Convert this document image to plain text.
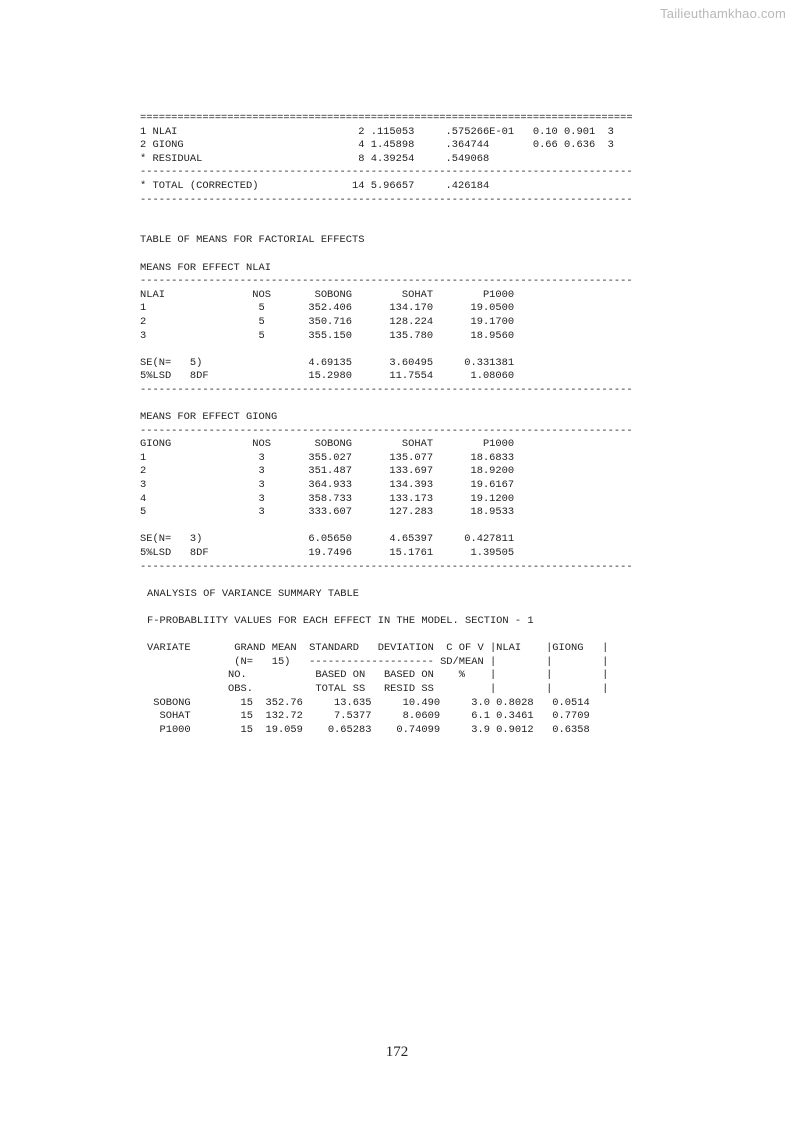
Tailieuthamkhao.com
===============================================================================
1 NLAI                             2 .115053     .575266E-01   0.10 0.901  3
2 GIONG                            4 1.45898     .364744       0.66 0.636  3
* RESIDUAL                         8 4.39254     .549068
-------------------------------------------------------------------------------
* TOTAL (CORRECTED)               14 5.96657     .426184
-------------------------------------------------------------------------------
TABLE OF MEANS FOR FACTORIAL EFFECTS
MEANS FOR EFFECT NLAI
-------------------------------------------------------------------------------
NLAI              NOS       SOBONG        SOHAT        P1000
1                  5       352.406      134.170      19.0500
2                  5       350.716      128.224      19.1700
3                  5       355.150      135.780      18.9560
SE(N=   5)                 4.69135      3.60495     0.331381
5%LSD   8DF                15.2980      11.7554      1.08060
-------------------------------------------------------------------------------
MEANS FOR EFFECT GIONG
-------------------------------------------------------------------------------
GIONG             NOS       SOBONG        SOHAT        P1000
1                  3       355.027      135.077      18.6833
2                  3       351.487      133.697      18.9200
3                  3       364.933      134.393      19.6167
4                  3       358.733      133.173      19.1200
5                  3       333.607      127.283      18.9533
SE(N=   3)                 6.05650      4.65397     0.427811
5%LSD   8DF                19.7496      15.1761      1.39505
-------------------------------------------------------------------------------
ANALYSIS OF VARIANCE SUMMARY TABLE
F-PROBABLIITY VALUES FOR EACH EFFECT IN THE MODEL. SECTION - 1
VARIATE       GRAND MEAN  STANDARD   DEVIATION  C OF V |NLAI    |GIONG   |
(N=   15)   -------------------- SD/MEAN |        |        |
NO.           BASED ON   BASED ON    %    |        |        |
OBS.          TOTAL SS   RESID SS         |        |        |
SOBONG        15  352.76     13.635     10.490     3.0 0.8028   0.0514
SOHAT        15  132.72     7.5377     8.0609     6.1 0.3461   0.7709
P1000        15  19.059    0.65283    0.74099     3.9 0.9012   0.6358
172
